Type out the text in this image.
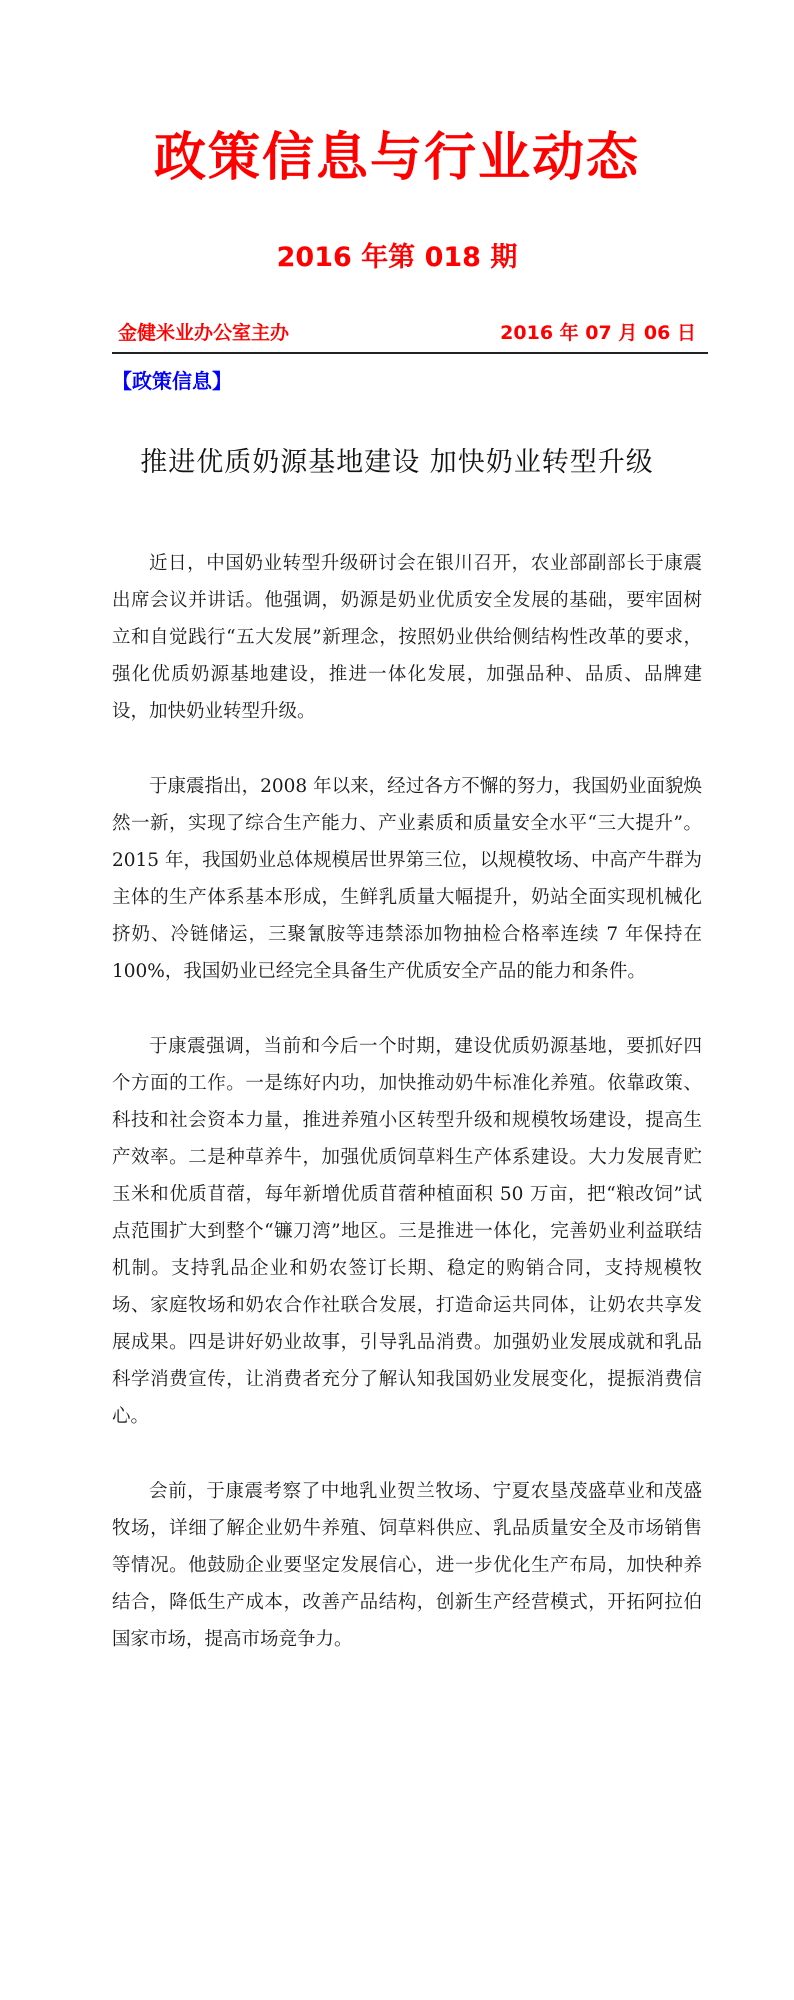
政策信息与行业动态
2016 年第 018 期
金健米业办公室主办	2016 年 07 月 06 日
【政策信息】
推进优质奶源基地建设 加快奶业转型升级

近日，中国奶业转型升级研讨会在银川召开，农业部副部长于康震出席会议并讲话。他强调，奶源是奶业优质安全发展的基础，要牢固树立和自觉践行“五大发展”新理念，按照奶业供给侧结构性改革的要求，强化优质奶源基地建设，推进一体化发展，加强品种、品质、品牌建设，加快奶业转型升级。

于康震指出，2008 年以来，经过各方不懈的努力，我国奶业面貌焕然一新，实现了综合生产能力、产业素质和质量安全水平“三大提升”。2015 年，我国奶业总体规模居世界第三位，以规模牧场、中高产牛群为主体的生产体系基本形成，生鲜乳质量大幅提升，奶站全面实现机械化挤奶、冷链储运，三聚氰胺等违禁添加物抽检合格率连续 7 年保持在 100%，我国奶业已经完全具备生产优质安全产品的能力和条件。

于康震强调，当前和今后一个时期，建设优质奶源基地，要抓好四个方面的工作。一是练好内功，加快推动奶牛标准化养殖。依靠政策、科技和社会资本力量，推进养殖小区转型升级和规模牧场建设，提高生产效率。二是种草养牛，加强优质饲草料生产体系建设。大力发展青贮玉米和优质苜蓿，每年新增优质苜蓿种植面积 50 万亩，把“粮改饲”试点范围扩大到整个“镰刀湾”地区。三是推进一体化，完善奶业利益联结机制。支持乳品企业和奶农签订长期、稳定的购销合同，支持规模牧场、家庭牧场和奶农合作社联合发展，打造命运共同体，让奶农共享发展成果。四是讲好奶业故事，引导乳品消费。加强奶业发展成就和乳品科学消费宣传，让消费者充分了解认知我国奶业发展变化，提振消费信心。

会前，于康震考察了中地乳业贺兰牧场、宁夏农垦茂盛草业和茂盛牧场，详细了解企业奶牛养殖、饲草料供应、乳品质量安全及市场销售等情况。他鼓励企业要坚定发展信心，进一步优化生产布局，加快种养结合，降低生产成本，改善产品结构，创新生产经营模式，开拓阿拉伯国家市场，提高市场竞争力。
